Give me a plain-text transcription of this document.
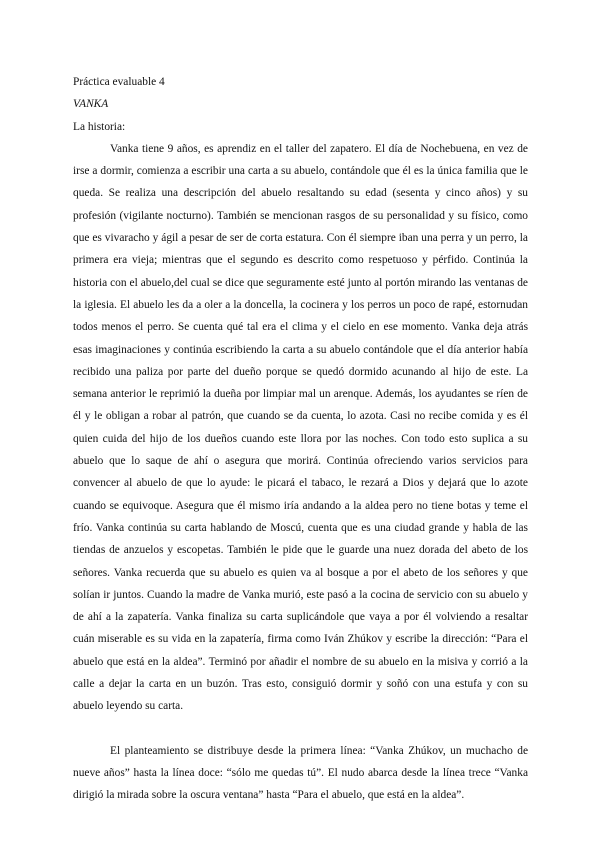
Práctica evaluable 4
VANKA
La historia:

Vanka tiene 9 años, es aprendiz en el taller del zapatero. El día de Nochebuena, en vez de irse a dormir, comienza a escribir una carta a su abuelo, contándole que él es la única familia que le queda. Se realiza una descripción del abuelo resaltando su edad (sesenta y cinco años) y su profesión (vigilante nocturno). También se mencionan rasgos de su personalidad y su físico, como que es vivaracho y ágil a pesar de ser de corta estatura. Con él siempre iban una perra y un perro, la primera era vieja; mientras que el segundo es descrito como respetuoso y pérfido. Continúa la historia con el abuelo,del cual se dice que seguramente esté junto al portón mirando las ventanas de la iglesia. El abuelo les da a oler a la doncella, la cocinera y los perros un poco de rapé, estornudan todos menos el perro. Se cuenta qué tal era el clima y el cielo en ese momento. Vanka deja atrás esas imaginaciones y continúa escribiendo la carta a su abuelo contándole que el día anterior había recibido una paliza por parte del dueño porque se quedó dormido acunando al hijo de este. La semana anterior le reprimió la dueña por limpiar mal un arenque. Además, los ayudantes se ríen de él y le obligan a robar al patrón, que cuando se da cuenta, lo azota. Casi no recibe comida y es él quien cuida del hijo de los dueños cuando este llora por las noches. Con todo esto suplica a su abuelo que lo saque de ahí o asegura que morirá. Continúa ofreciendo varios servicios para convencer al abuelo de que lo ayude: le picará el tabaco, le rezará a Dios y dejará que lo azote cuando se equivoque. Asegura que él mismo iría andando a la aldea pero no tiene botas y teme el frío. Vanka continúa su carta hablando de Moscú, cuenta que es una ciudad grande y habla de las tiendas de anzuelos y escopetas. También le pide que le guarde una nuez dorada del abeto de los señores. Vanka recuerda que su abuelo es quien va al bosque a por el abeto de los señores y que solían ir juntos. Cuando la madre de Vanka murió, este pasó a la cocina de servicio con su abuelo y de ahí a la zapatería. Vanka finaliza su carta suplicándole que vaya a por él volviendo a resaltar cuán miserable es su vida en la zapatería, firma como Iván Zhúkov y escribe la dirección: “Para el abuelo que está en la aldea”. Terminó por añadir el nombre de su abuelo en la misiva y corrió a la calle a dejar la carta en un buzón. Tras esto, consiguió dormir y soñó con una estufa y con su abuelo leyendo su carta.

El planteamiento se distribuye desde la primera línea: “Vanka Zhúkov, un muchacho de nueve años” hasta la línea doce: “sólo me quedas tú”. El nudo abarca desde la línea trece “Vanka dirigió la mirada sobre la oscura ventana” hasta “Para el abuelo, que está en la aldea”.
